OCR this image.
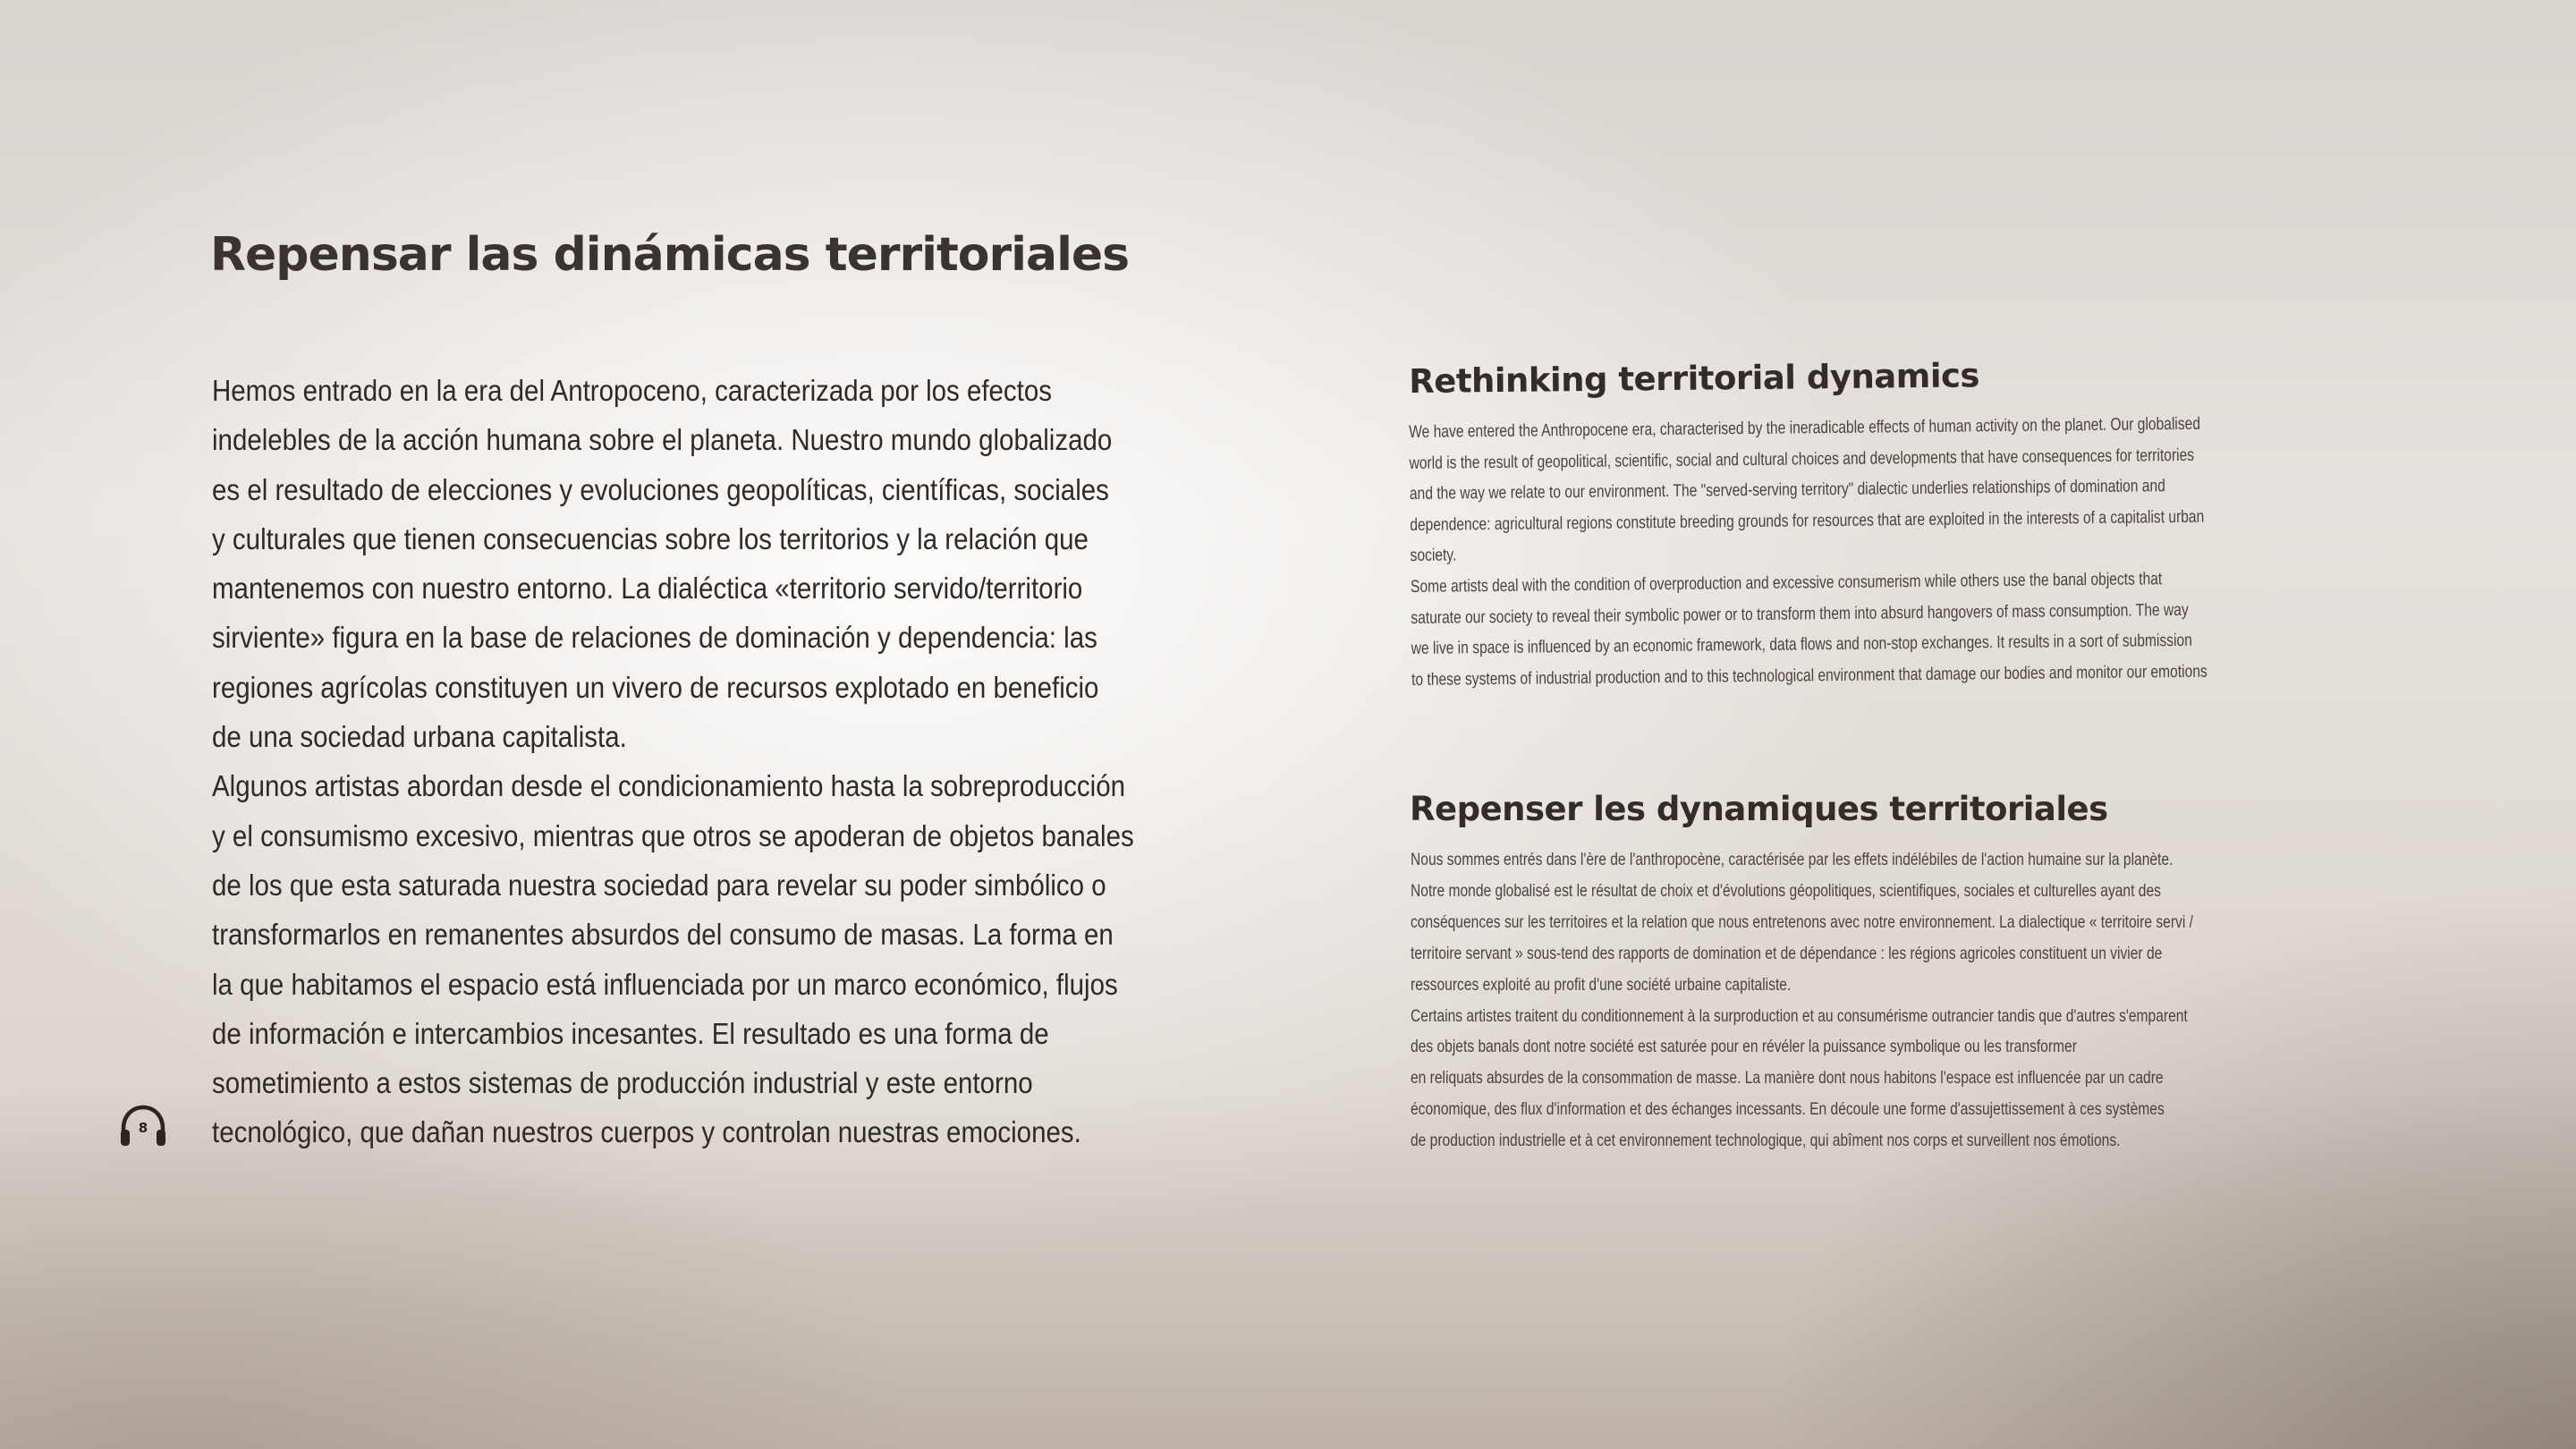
Repensar las dinámicas territoriales

Hemos entrado en la era del Antropoceno, caracterizada por los efectos
indelebles de la acción humana sobre el planeta. Nuestro mundo globalizado
es el resultado de elecciones y evoluciones geopolíticas, científicas, sociales
y culturales que tienen consecuencias sobre los territorios y la relación que
mantenemos con nuestro entorno. La dialéctica «territorio servido/territorio
sirviente» figura en la base de relaciones de dominación y dependencia: las
regiones agrícolas constituyen un vivero de recursos explotado en beneficio
de una sociedad urbana capitalista.

Algunos artistas abordan desde el condicionamiento hasta la sobreproducción
y el consumismo excesivo, mientras que otros se apoderan de objetos banales
de los que esta saturada nuestra sociedad para revelar su poder simbólico o
transformarlos en remanentes absurdos del consumo de masas. La forma en
la que habitamos el espacio está influenciada por un marco económico, flujos
de información e intercambios incesantes. El resultado es una forma de
sometimiento a estos sistemas de producción industrial y este entorno
tecnológico, que dañan nuestros cuerpos y controlan nuestras emociones.

8
Rethinking territorial dynamics

We have entered the Anthropocene era, characterised by the ineradicable effects of human activity on the planet. Our globalised
world is the result of geopolitical, scientific, social and cultural choices and developments that have consequences for territories
and the way we relate to our environment. The "served-serving territory" dialectic underlies relationships of domination and
dependence: agricultural regions constitute breeding grounds for resources that are exploited in the interests of a capitalist urban
society.

Some artists deal with the condition of overproduction and excessive consumerism while others use the banal objects that
saturate our society to reveal their symbolic power or to transform them into absurd hangovers of mass consumption. The way
we live in space is influenced by an economic framework, data flows and non-stop exchanges. It results in a sort of submission
to these systems of industrial production and to this technological environment that damage our bodies and monitor our emotions

Repenser les dynamiques territoriales

Nous sommes entrés dans l'ère de l'anthropocène, caractérisée par les effets indélébiles de l'action humaine sur la planète.
Notre monde globalisé est le résultat de choix et d'évolutions géopolitiques, scientifiques, sociales et culturelles ayant des
conséquences sur les territoires et la relation que nous entretenons avec notre environnement. La dialectique « territoire servi /
territoire servant » sous-tend des rapports de domination et de dépendance : les régions agricoles constituent un vivier de
ressources exploité au profit d'une société urbaine capitaliste.

Certains artistes traitent du conditionnement à la surproduction et au consumérisme outrancier tandis que d'autres s'emparent
des objets banals dont notre société est saturée pour en révéler la puissance symbolique ou les transformer
en reliquats absurdes de la consommation de masse. La manière dont nous habitons l'espace est influencée par un cadre
économique, des flux d'information et des échanges incessants. En découle une forme d'assujettissement à ces systèmes
de production industrielle et à cet environnement technologique, qui abîment nos corps et surveillent nos émotions.
